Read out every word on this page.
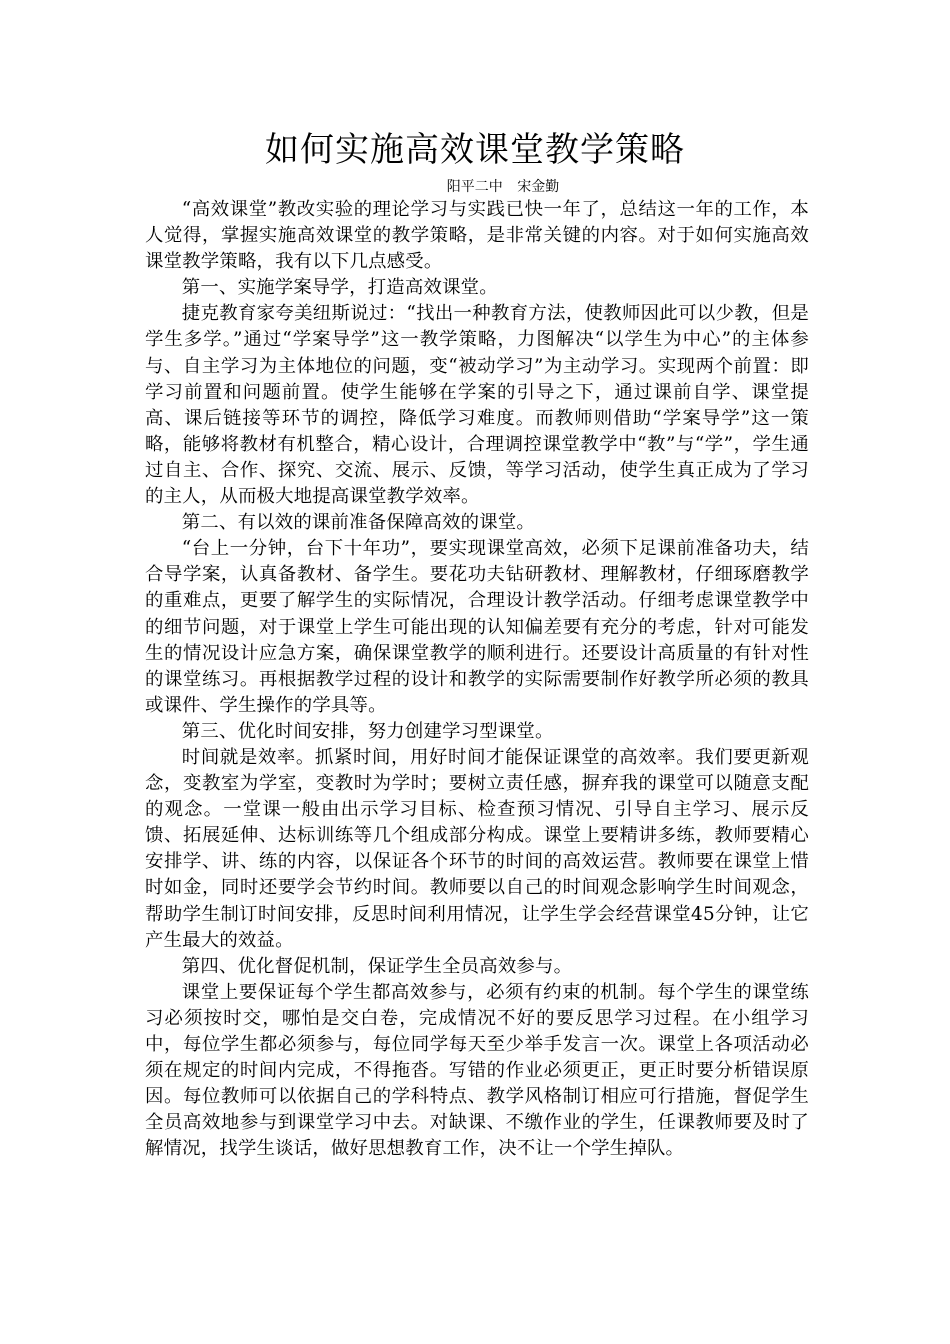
如何实施高效课堂教学策略
阳平二中 宋金勤

“高效课堂”教改实验的理论学习与实践已快一年了，总结这一年的工作，本人觉得，掌握实施高效课堂的教学策略，是非常关键的内容。对于如何实施高效课堂教学策略，我有以下几点感受。

第一、实施学案导学，打造高效课堂。

捷克教育家夸美纽斯说过：“找出一种教育方法，使教师因此可以少教，但是学生多学。”通过“学案导学”这一教学策略，力图解决“以学生为中心”的主体参与、自主学习为主体地位的问题，变“被动学习”为主动学习。实现两个前置：即学习前置和问题前置。使学生能够在学案的引导之下，通过课前自学、课堂提高、课后链接等环节的调控，降低学习难度。而教师则借助“学案导学”这一策略，能够将教材有机整合，精心设计，合理调控课堂教学中“教”与“学”，学生通过自主、合作、探究、交流、展示、反馈，等学习活动，使学生真正成为了学习的主人，从而极大地提高课堂教学效率。

第二、有以效的课前准备保障高效的课堂。

“台上一分钟，台下十年功”，要实现课堂高效，必须下足课前准备功夫，结合导学案，认真备教材、备学生。要花功夫钻研教材、理解教材，仔细琢磨教学的重难点，更要了解学生的实际情况，合理设计教学活动。仔细考虑课堂教学中的细节问题，对于课堂上学生可能出现的认知偏差要有充分的考虑，针对可能发生的情况设计应急方案，确保课堂教学的顺利进行。还要设计高质量的有针对性的课堂练习。再根据教学过程的设计和教学的实际需要制作好教学所必须的教具或课件、学生操作的学具等。

第三、优化时间安排，努力创建学习型课堂。

时间就是效率。抓紧时间，用好时间才能保证课堂的高效率。我们要更新观念，变教室为学室，变教时为学时；要树立责任感，摒弃我的课堂可以随意支配的观念。一堂课一般由出示学习目标、检查预习情况、引导自主学习、展示反馈、拓展延伸、达标训练等几个组成部分构成。课堂上要精讲多练，教师要精心安排学、讲、练的内容，以保证各个环节的时间的高效运营。教师要在课堂上惜时如金，同时还要学会节约时间。教师要以自己的时间观念影响学生时间观念，帮助学生制订时间安排，反思时间利用情况，让学生学会经营课堂45分钟，让它产生最大的效益。

第四、优化督促机制，保证学生全员高效参与。

课堂上要保证每个学生都高效参与，必须有约束的机制。每个学生的课堂练习必须按时交，哪怕是交白卷，完成情况不好的要反思学习过程。在小组学习中，每位学生都必须参与，每位同学每天至少举手发言一次。课堂上各项活动必须在规定的时间内完成，不得拖沓。写错的作业必须更正，更正时要分析错误原因。每位教师可以依据自己的学科特点、教学风格制订相应可行措施，督促学生全员高效地参与到课堂学习中去。对缺课、不缴作业的学生，任课教师要及时了解情况，找学生谈话，做好思想教育工作，决不让一个学生掉队。
